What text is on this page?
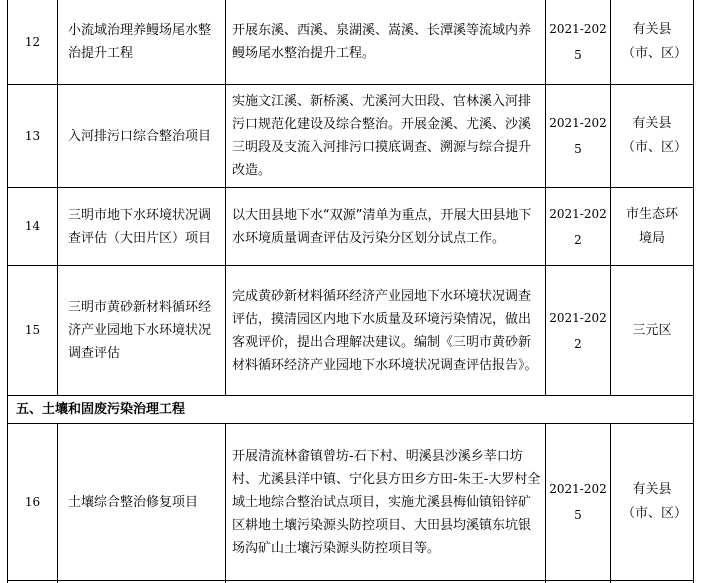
12
小流域治理养鳗场尾水整治提升工程
开展东溪、西溪、泉湖溪、嵩溪、长潭溪等流域内养鳗场尾水整治提升工程。
2021-2025
有关县（市、区）
13	入河排污口综合整治项目
实施文江溪、新桥溪、尤溪河大田段、官林溪入河排污口规范化建设及综合整治。开展金溪、尤溪、沙溪三明段及支流入河排污口摸底调查、溯源与综合提升改造。
2021-2025
有关县（市、区）
14
三明市地下水环境状况调查评估（大田片区）项目
以大田县地下水“双源”清单为重点，开展大田县地下水环境质量调查评估及污染分区划分试点工作。
2021-2022
市生态环境局
15
三明市黄砂新材料循环经济产业园地下水环境状况调查评估
完成黄砂新材料循环经济产业园地下水环境状况调查评估，摸清园区内地下水质量及环境污染情况，做出客观评价，提出合理解决建议。编制《三明市黄砂新材料循环经济产业园地下水环境状况调查评估报告》。
2021-2022
三元区
五、土壤和固废污染治理工程
16	土壤综合整治修复项目
开展清流林畲镇曾坊-石下村、明溪县沙溪乡莘口坊村、尤溪县洋中镇、宁化县方田乡方田-朱王-大罗村全域土地综合整治试点项目，实施尤溪县梅仙镇铅锌矿区耕地土壤污染源头防控项目、大田县均溪镇东坑银场沟矿山土壤污染源头防控项目等。
2021-2025
有关县（市、区）
